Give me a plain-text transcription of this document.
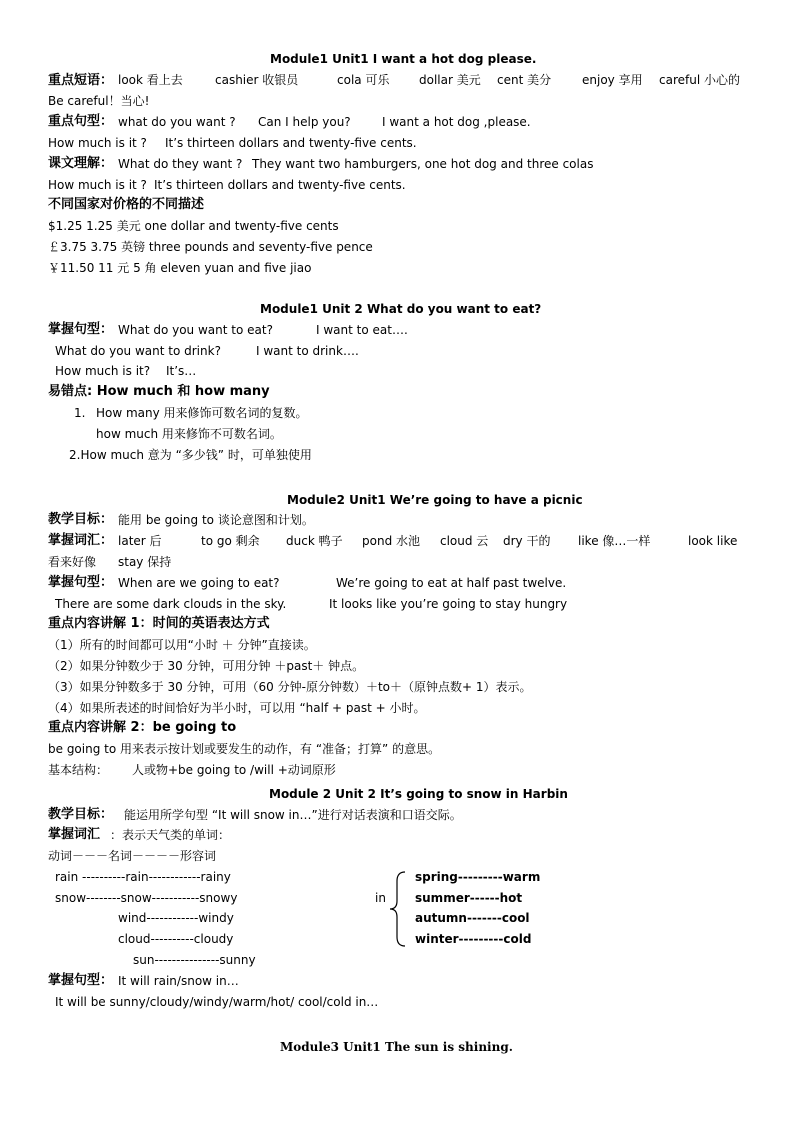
Module1 Unit1 I want a hot dog please.
重点短语： look 看上去	cashier 收银员	cola 可乐 dollar 美元 cent 美分	enjoy 享用 careful 小心的
Be careful！当心!
重点句型： what do you want ? Can I help you?	I want a hot dog ,please.
How much is it ? It’s thirteen dollars and twenty-five cents.
课文理解： What do they want ? They want two hamburgers, one hot dog and three colas
How much is it ? It’s thirteen dollars and twenty-five cents.
不同国家对价格的不同描述
$1.25 1.25 美元 one dollar and twenty-five cents
￡3.75 3.75 英镑 three pounds and seventy-five pence
￥11.50 11 元 5 角 eleven yuan and five jiao
Module1 Unit 2 What do you want to eat?
掌握句型： What do you want to eat?	I want to eat….
What do you want to drink?	I want to drink….
How much is it? It’s…
易错点: How much 和 how many
1. How many 用来修饰可数名词的复数。
how much 用来修饰不可数名词。
2.How much 意为 “多少钱” 时，可单独使用
Module2 Unit1 We’re going to have a picnic
教学目标： 能用 be going to 谈论意图和计划。
掌握词汇： later 后	to go 剩余 duck 鸭子 pond 水池 cloud 云 dry 干的 like 像…一样	look like
看来好像 stay 保持
掌握句型： When are we going to eat?	We’re going to eat at half past twelve.
There are some dark clouds in the sky.	It looks like you’re going to stay hungry
重点内容讲解 1：时间的英语表达方式
（1）所有的时间都可以用“小时 ＋ 分钟”直接读。
（2）如果分钟数少于 30 分钟，可用分钟 ＋past＋ 钟点。
（3）如果分钟数多于 30 分钟，可用（60 分钟-原分钟数）＋to＋（原钟点数+ 1）表示。
（4）如果所表述的时间恰好为半小时，可以用 “half + past + 小时。
重点内容讲解 2：be going to
be going to 用来表示按计划或要发生的动作，有 “准备；打算” 的意思。
基本结构： 人或物+be going to /will +动词原形
Module 2 Unit 2 It’s going to snow in Harbin
教学目标： 能运用所学句型 “It will snow in…”进行对话表演和口语交际。
掌握词汇 ：表示天气类的单词：
动词－－－名词－－－－形容词
rain ----------rain------------rainy
snow--------snow-----------snowy
wind------------windy
cloud----------cloudy
sun---------------sunny
in
spring---------warm
summer------hot
autumn-------cool
winter---------cold
掌握句型： It will rain/snow in…
It will be sunny/cloudy/windy/warm/hot/ cool/cold in…
Module3 Unit1 The sun is shining.
